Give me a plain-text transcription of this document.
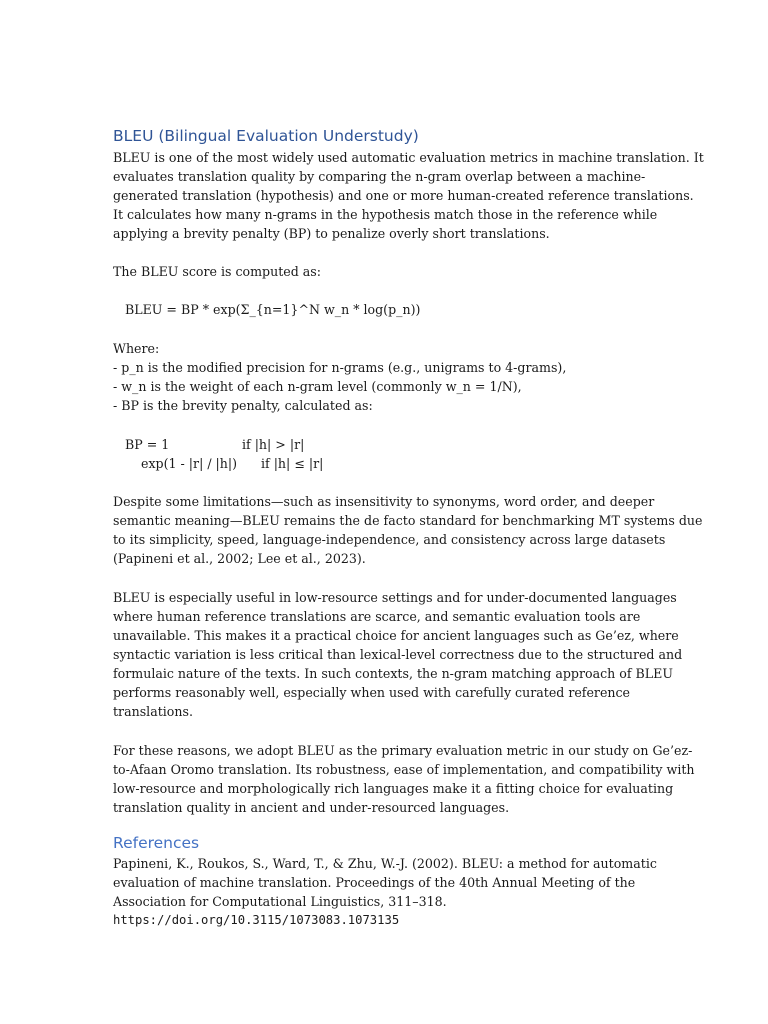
BLEU (Bilingual Evaluation Understudy)
BLEU is one of the most widely used automatic evaluation metrics in machine translation. It
evaluates translation quality by comparing the n-gram overlap between a machine-
generated translation (hypothesis) and one or more human-created reference translations.
It calculates how many n-grams in the hypothesis match those in the reference while
applying a brevity penalty (BP) to penalize overly short translations.
The BLEU score is computed as:
BLEU = BP * exp(Σ_{n=1}^N w_n * log(p_n))
Where:
- p_n is the modified precision for n-grams (e.g., unigrams to 4-grams),
- w_n is the weight of each n-gram level (commonly w_n = 1/N),
- BP is the brevity penalty, calculated as:
BP = 1	if |h| > |r|
exp(1 - |r| / |h|) if |h| ≤ |r|
Despite some limitations—such as insensitivity to synonyms, word order, and deeper
semantic meaning—BLEU remains the de facto standard for benchmarking MT systems due
to its simplicity, speed, language-independence, and consistency across large datasets
(Papineni et al., 2002; Lee et al., 2023).
BLEU is especially useful in low-resource settings and for under-documented languages
where human reference translations are scarce, and semantic evaluation tools are
unavailable. This makes it a practical choice for ancient languages such as Ge’ez, where
syntactic variation is less critical than lexical-level correctness due to the structured and
formulaic nature of the texts. In such contexts, the n-gram matching approach of BLEU
performs reasonably well, especially when used with carefully curated reference
translations.
For these reasons, we adopt BLEU as the primary evaluation metric in our study on Ge’ez-
to-Afaan Oromo translation. Its robustness, ease of implementation, and compatibility with
low-resource and morphologically rich languages make it a fitting choice for evaluating
translation quality in ancient and under-resourced languages.
References
Papineni, K., Roukos, S., Ward, T., & Zhu, W.-J. (2002). BLEU: a method for automatic
evaluation of machine translation. Proceedings of the 40th Annual Meeting of the
Association for Computational Linguistics, 311–318.
https://doi.org/10.3115/1073083.1073135
